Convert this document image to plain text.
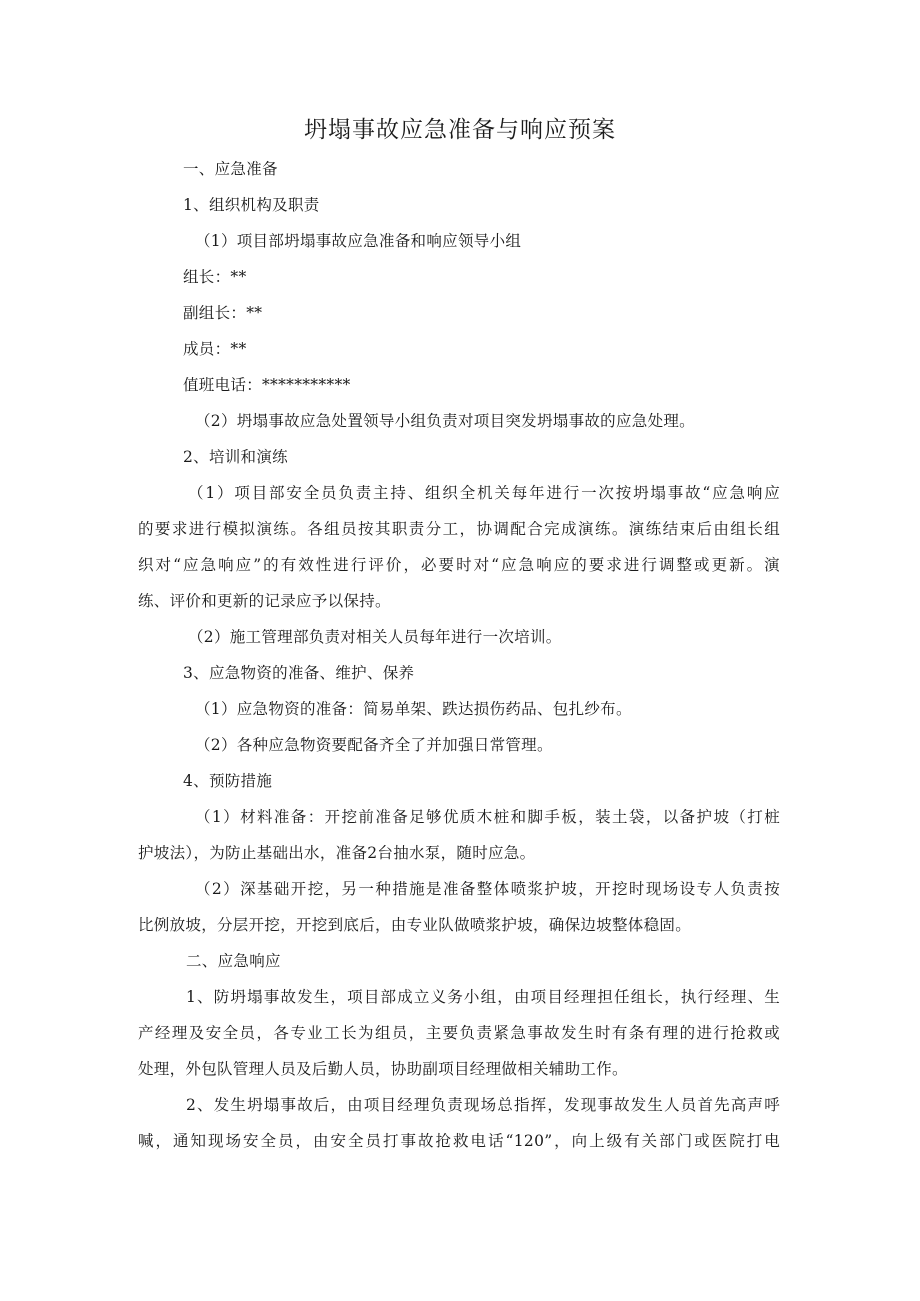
坍塌事故应急准备与响应预案
一、应急准备
1、组织机构及职责
（1）项目部坍塌事故应急准备和响应领导小组
组长：**
副组长：**
成员：**
值班电话：***********
（2）坍塌事故应急处置领导小组负责对项目突发坍塌事故的应急处理。
2、培训和演练
（1）项目部安全员负责主持、组织全机关每年进行一次按坍塌事故“应急响应
的要求进行模拟演练。各组员按其职责分工，协调配合完成演练。演练结束后由组长组
织对“应急响应”的有效性进行评价，必要时对“应急响应的要求进行调整或更新。演
练、评价和更新的记录应予以保持。
（2）施工管理部负责对相关人员每年进行一次培训。
3、应急物资的准备、维护、保养
（1）应急物资的准备：简易单架、跌达损伤药品、包扎纱布。
（2）各种应急物资要配备齐全了并加强日常管理。
4、预防措施
（1）材料准备：开挖前准备足够优质木桩和脚手板，装土袋，以备护坡（打桩
护坡法），为防止基础出水，准备2台抽水泵，随时应急。
（2）深基础开挖，另一种措施是准备整体喷浆护坡，开挖时现场设专人负责按
比例放坡，分层开挖，开挖到底后，由专业队做喷浆护坡，确保边坡整体稳固。
二、应急响应
1、防坍塌事故发生，项目部成立义务小组，由项目经理担任组长，执行经理、生
产经理及安全员，各专业工长为组员，主要负责紧急事故发生时有条有理的进行抢救或
处理，外包队管理人员及后勤人员，协助副项目经理做相关辅助工作。
2、发生坍塌事故后，由项目经理负责现场总指挥，发现事故发生人员首先高声呼
喊，通知现场安全员，由安全员打事故抢救电话“120”，向上级有关部门或医院打电
